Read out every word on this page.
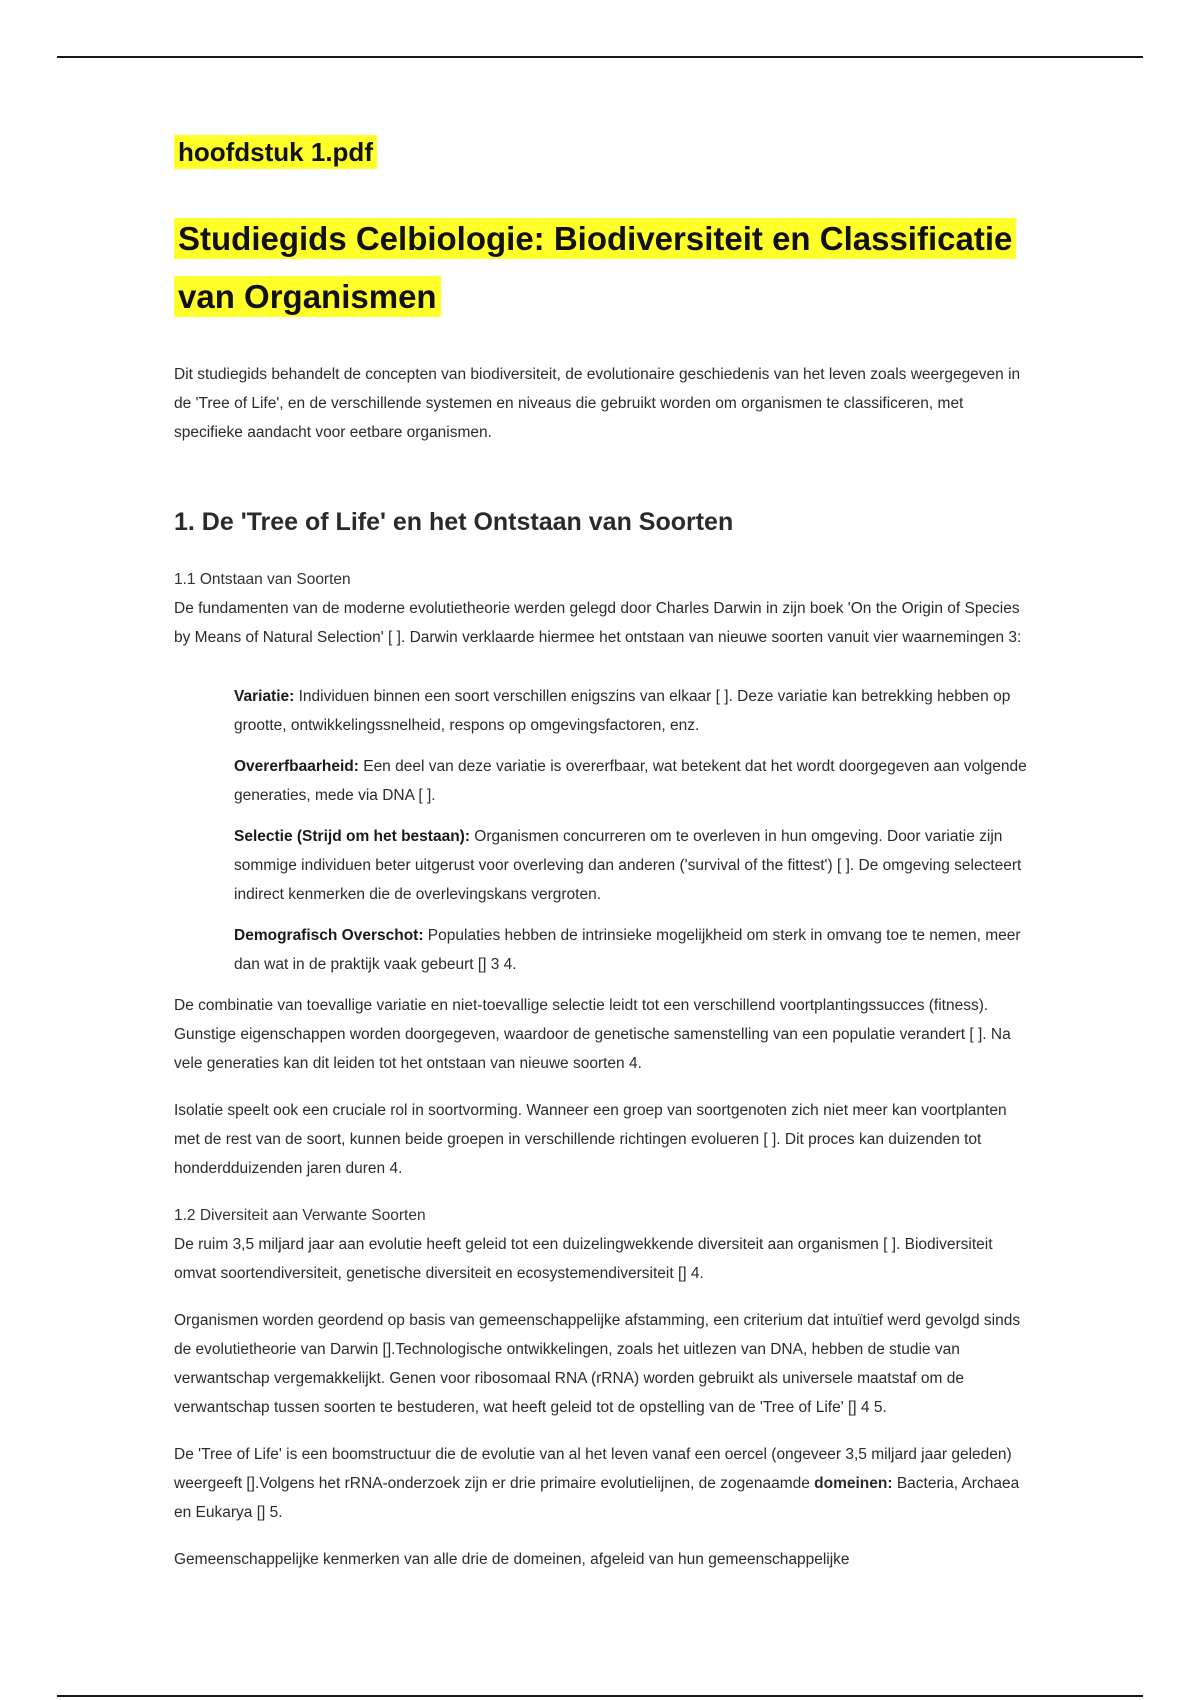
hoofdstuk 1.pdf
Studiegids Celbiologie: Biodiversiteit en Classificatie
van Organismen

Dit studiegids behandelt de concepten van biodiversiteit, de evolutionaire geschiedenis van het leven zoals weergegeven in de 'Tree of Life', en de verschillende systemen en niveaus die gebruikt worden om organismen te classificeren, met specifieke aandacht voor eetbare organismen.

1. De 'Tree of Life' en het Ontstaan van Soorten
1.1 Ontstaan van Soorten

De fundamenten van de moderne evolutietheorie werden gelegd door Charles Darwin in zijn boek 'On the Origin of Species by Means of Natural Selection' [ ]. Darwin verklaarde hiermee het ontstaan van nieuwe soorten vanuit vier waarnemingen 3:

Variatie: Individuen binnen een soort verschillen enigszins van elkaar [ ]. Deze variatie kan betrekking hebben op grootte, ontwikkelingssnelheid, respons op omgevingsfactoren, enz.
Overerfbaarheid: Een deel van deze variatie is overerfbaar, wat betekent dat het wordt doorgegeven aan volgende generaties, mede via DNA [ ].
Selectie (Strijd om het bestaan): Organismen concurreren om te overleven in hun omgeving. Door variatie zijn sommige individuen beter uitgerust voor overleving dan anderen ('survival of the fittest') [ ]. De omgeving selecteert indirect kenmerken die de overlevingskans vergroten.
Demografisch Overschot: Populaties hebben de intrinsieke mogelijkheid om sterk in omvang toe te nemen, meer dan wat in de praktijk vaak gebeurt [] 3 4.

De combinatie van toevallige variatie en niet-toevallige selectie leidt tot een verschillend voortplantingssucces (fitness). Gunstige eigenschappen worden doorgegeven, waardoor de genetische samenstelling van een populatie verandert [ ]. Na vele generaties kan dit leiden tot het ontstaan van nieuwe soorten 4.

Isolatie speelt ook een cruciale rol in soortvorming. Wanneer een groep van soortgenoten zich niet meer kan voortplanten met de rest van de soort, kunnen beide groepen in verschillende richtingen evolueren [ ]. Dit proces kan duizenden tot honderdduizenden jaren duren 4.

1.2 Diversiteit aan Verwante Soorten

De ruim 3,5 miljard jaar aan evolutie heeft geleid tot een duizelingwekkende diversiteit aan organismen [ ]. Biodiversiteit omvat soortendiversiteit, genetische diversiteit en ecosystemendiversiteit [] 4.

Organismen worden geordend op basis van gemeenschappelijke afstamming, een criterium dat intuïtief werd gevolgd sinds de evolutietheorie van Darwin [].Technologische ontwikkelingen, zoals het uitlezen van DNA, hebben de studie van verwantschap vergemakkelijkt. Genen voor ribosomaal RNA (rRNA) worden gebruikt als universele maatstaf om de verwantschap tussen soorten te bestuderen, wat heeft geleid tot de opstelling van de 'Tree of Life' [] 4 5.

De 'Tree of Life' is een boomstructuur die de evolutie van al het leven vanaf een oercel (ongeveer 3,5 miljard jaar geleden) weergeeft [].Volgens het rRNA-onderzoek zijn er drie primaire evolutielijnen, de zogenaamde domeinen: Bacteria, Archaea en Eukarya [] 5.

Gemeenschappelijke kenmerken van alle drie de domeinen, afgeleid van hun gemeenschappelijke
